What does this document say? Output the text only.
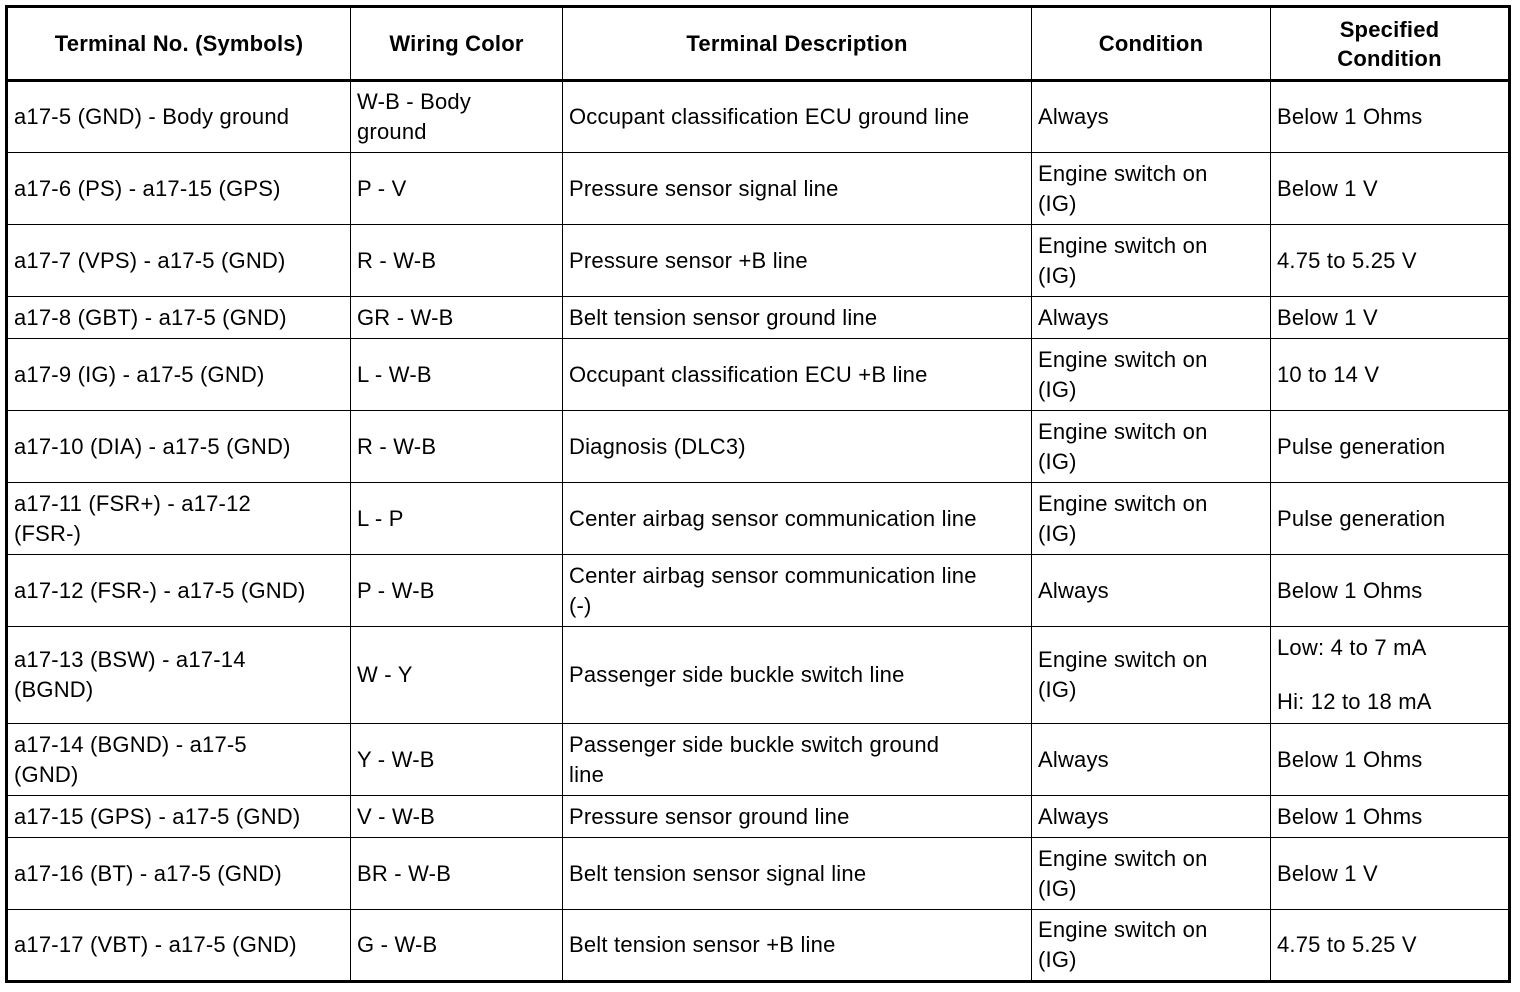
Terminal No. (Symbols)	Wiring Color	Terminal Description	Condition	Specified
Condition

a17-5 (GND) - Body ground	W-B - Body
ground	Occupant classification ECU ground line	Always	Below 1 Ohms

a17-6 (PS) - a17-15 (GPS)	P - V	Pressure sensor signal line	Engine switch on
(IG)	Below 1 V

a17-7 (VPS) - a17-5 (GND)	R - W-B	Pressure sensor +B line	Engine switch on
(IG)	4.75 to 5.25 V

a17-8 (GBT) - a17-5 (GND)	GR - W-B	Belt tension sensor ground line	Always	Below 1 V

a17-9 (IG) - a17-5 (GND)	L - W-B	Occupant classification ECU +B line	Engine switch on
(IG)	10 to 14 V

a17-10 (DIA) - a17-5 (GND)	R - W-B	Diagnosis (DLC3)	Engine switch on
(IG)	Pulse generation

a17-11 (FSR+) - a17-12
(FSR-)	L - P	Center airbag sensor communication line	Engine switch on
(IG)	Pulse generation

a17-12 (FSR-) - a17-5 (GND)	P - W-B	Center airbag sensor communication line
(-)	Always	Below 1 Ohms

a17-13 (BSW) - a17-14
(BGND)	W - Y	Passenger side buckle switch line	Engine switch on
(IG)	Low: 4 to 7 mA
Hi: 12 to 18 mA

a17-14 (BGND) - a17-5
(GND)	Y - W-B	Passenger side buckle switch ground
line	Always	Below 1 Ohms

a17-15 (GPS) - a17-5 (GND)	V - W-B	Pressure sensor ground line	Always	Below 1 Ohms

a17-16 (BT) - a17-5 (GND)	BR - W-B	Belt tension sensor signal line	Engine switch on
(IG)	Below 1 V

a17-17 (VBT) - a17-5 (GND)	G - W-B	Belt tension sensor +B line	Engine switch on
(IG)	4.75 to 5.25 V
